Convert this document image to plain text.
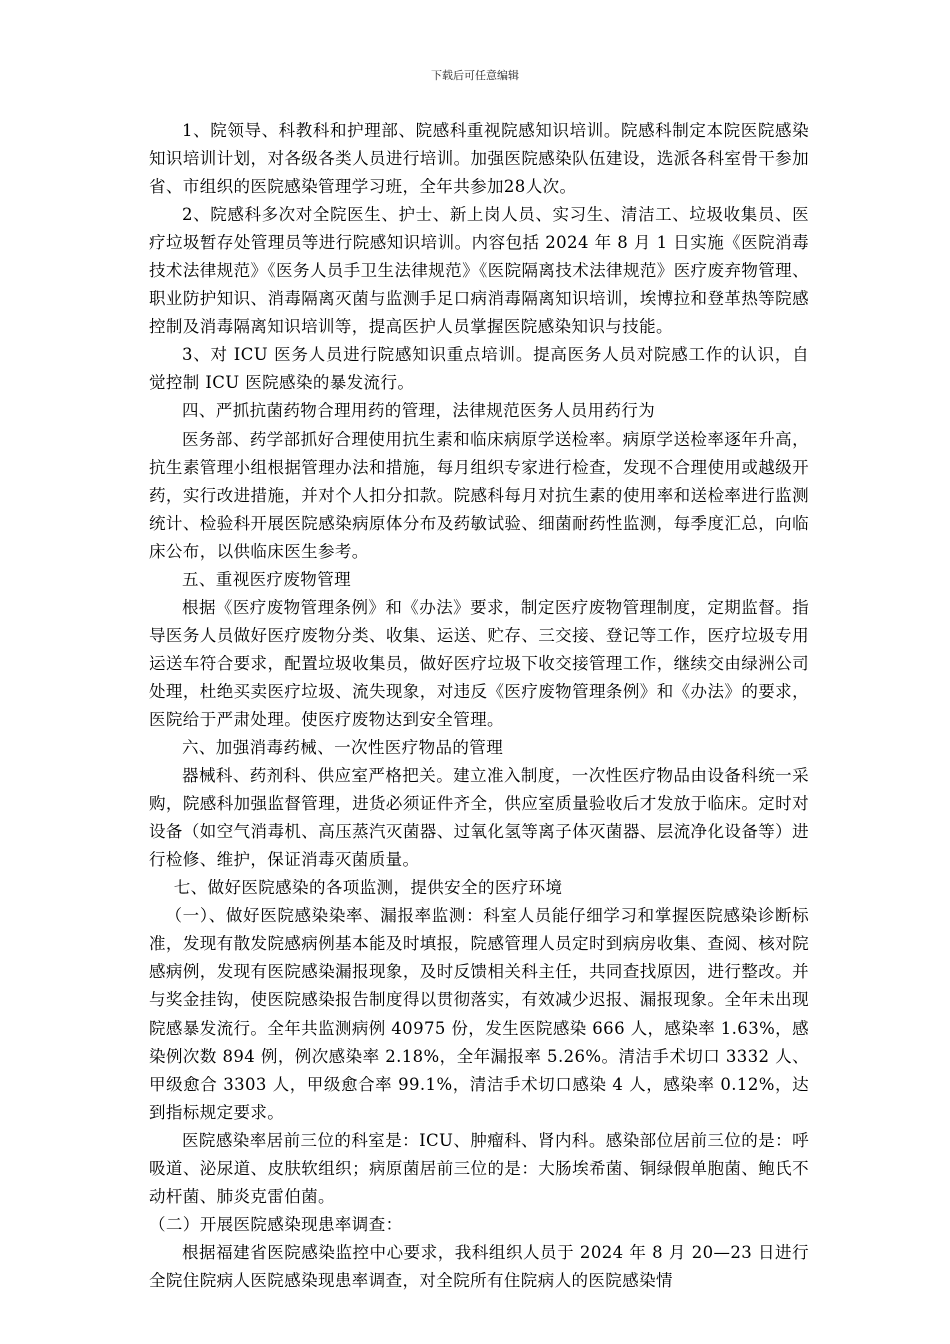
下载后可任意编辑

1、院领导、科教科和护理部、院感科重视院感知识培训。院感科制定本院医院感染知识培训计划，对各级各类人员进行培训。加强医院感染队伍建设，选派各科室骨干参加省、市组织的医院感染管理学习班，全年共参加28人次。

2、院感科多次对全院医生、护士、新上岗人员、实习生、清洁工、垃圾收集员、医疗垃圾暂存处管理员等进行院感知识培训。内容包括 2024 年 8 月 1 日实施《医院消毒技术法律规范》《医务人员手卫生法律规范》《医院隔离技术法律规范》医疗废弃物管理、职业防护知识、消毒隔离灭菌与监测手足口病消毒隔离知识培训，埃博拉和登革热等院感控制及消毒隔离知识培训等，提高医护人员掌握医院感染知识与技能。

3、对 ICU 医务人员进行院感知识重点培训。提高医务人员对院感工作的认识，自觉控制 ICU 医院感染的暴发流行。

四、严抓抗菌药物合理用药的管理，法律规范医务人员用药行为

医务部、药学部抓好合理使用抗生素和临床病原学送检率。病原学送检率逐年升高，抗生素管理小组根据管理办法和措施，每月组织专家进行检查，发现不合理使用或越级开药，实行改进措施，并对个人扣分扣款。院感科每月对抗生素的使用率和送检率进行监测统计、检验科开展医院感染病原体分布及药敏试验、细菌耐药性监测，每季度汇总，向临床公布，以供临床医生参考。

五、重视医疗废物管理

根据《医疗废物管理条例》和《办法》要求，制定医疗废物管理制度，定期监督。指导医务人员做好医疗废物分类、收集、运送、贮存、三交接、登记等工作，医疗垃圾专用运送车符合要求，配置垃圾收集员，做好医疗垃圾下收交接管理工作，继续交由绿洲公司处理，杜绝买卖医疗垃圾、流失现象，对违反《医疗废物管理条例》和《办法》的要求，医院给于严肃处理。使医疗废物达到安全管理。

六、加强消毒药械、一次性医疗物品的管理

器械科、药剂科、供应室严格把关。建立准入制度，一次性医疗物品由设备科统一采购，院感科加强监督管理，进货必须证件齐全，供应室质量验收后才发放于临床。定时对设备（如空气消毒机、高压蒸汽灭菌器、过氧化氢等离子体灭菌器、层流净化设备等）进行检修、维护，保证消毒灭菌质量。

七、做好医院感染的各项监测，提供安全的医疗环境

（一）、做好医院感染染率、漏报率监测：科室人员能仔细学习和掌握医院感染诊断标准，发现有散发院感病例基本能及时填报，院感管理人员定时到病房收集、查阅、核对院感病例，发现有医院感染漏报现象，及时反馈相关科主任，共同查找原因，进行整改。并与奖金挂钩，使医院感染报告制度得以贯彻落实，有效减少迟报、漏报现象。全年未出现院感暴发流行。全年共监测病例 40975 份，发生医院感染 666 人，感染率 1.63%，感染例次数 894 例，例次感染率 2.18%，全年漏报率 5.26%。清洁手术切口 3332 人、甲级愈合 3303 人，甲级愈合率 99.1%，清洁手术切口感染 4 人，感染率 0.12%，达到指标规定要求。

医院感染率居前三位的科室是：ICU、肿瘤科、肾内科。感染部位居前三位的是：呼吸道、泌尿道、皮肤软组织；病原菌居前三位的是：大肠埃希菌、铜绿假单胞菌、鲍氏不动杆菌、肺炎克雷伯菌。

（二）开展医院感染现患率调查：

根据福建省医院感染监控中心要求，我科组织人员于 2024 年 8 月 20—23 日进行全院住院病人医院感染现患率调查，对全院所有住院病人的医院感染情
